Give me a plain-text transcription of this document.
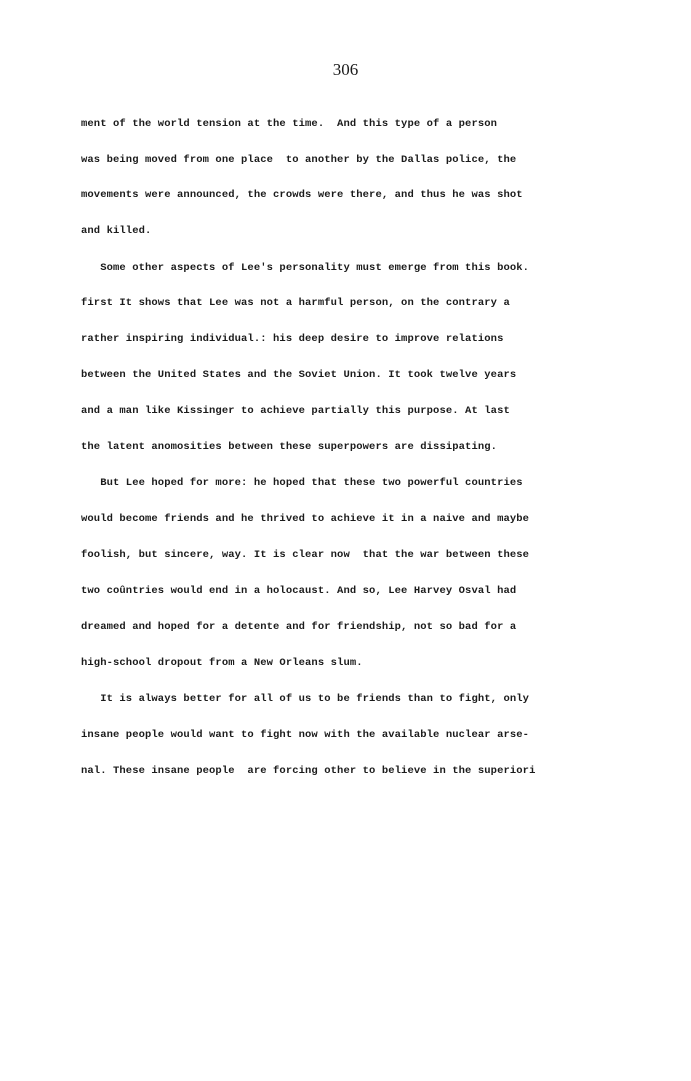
306
ment of the world tension at the time.  And this type of a person
was being moved from one place  to another by the Dallas police, the
movements were announced, the crowds were there, and thus he was shot
and killed.
Some other aspects of Lee's personality must emerge from this book.
first It shows that Lee was not a harmful person, on the contrary a
rather inspiring individual.: his deep desire to improve relations
between the United States and the Soviet Union. It took twelve years
and a man like Kissinger to achieve partially this purpose. At last
the latent anomosities between these superpowers are dissipating.
But Lee hoped for more: he hoped that these two powerful countries
would become friends and he thrived to achieve it in a naive and maybe
foolish, but sincere, way. It is clear now  that the war between these
two coûntries would end in a holocaust. And so, Lee Harvey Osval had
dreamed and hoped for a detente and for friendship, not so bad for a
high-school dropout from a New Orleans slum.
It is always better for all of us to be friends than to fight, only
insane people would want to fight now with the available nuclear arse-
nal. These insane people  are forcing other to believe in the superiori
